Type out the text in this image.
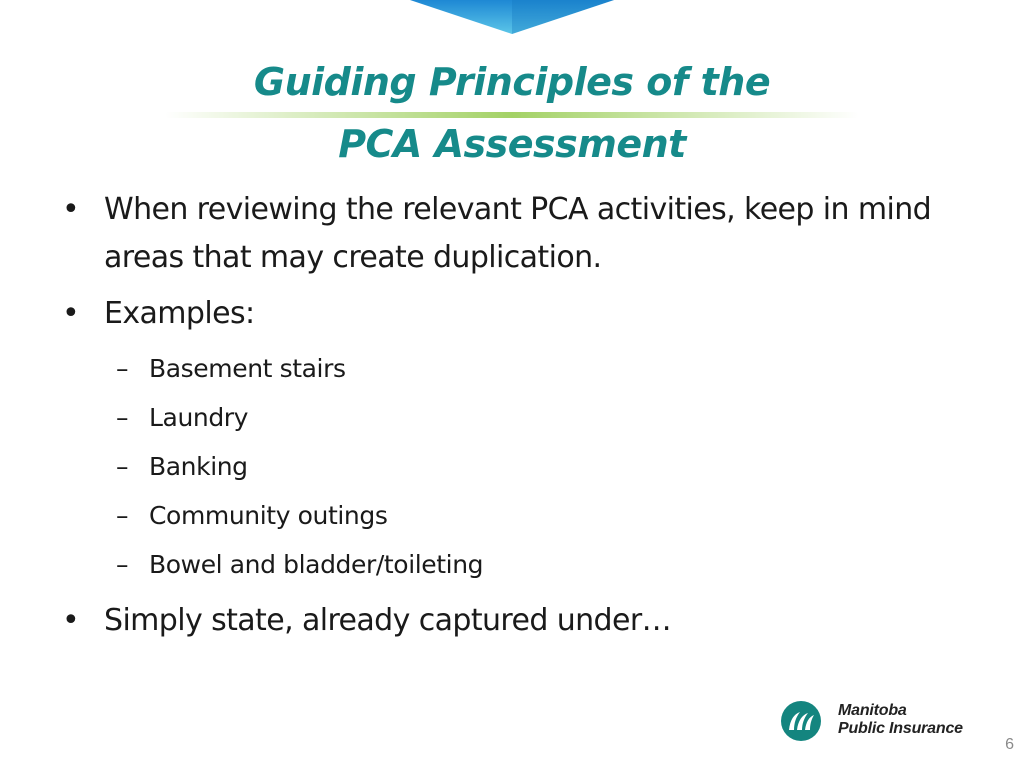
Guiding Principles of the
PCA Assessment
• When reviewing the relevant PCA activities, keep in mind areas that may create duplication.
• Examples:
– Basement stairs
– Laundry
– Banking
– Community outings
– Bowel and bladder/toileting
• Simply state, already captured under…
Manitoba
Public Insurance
6
